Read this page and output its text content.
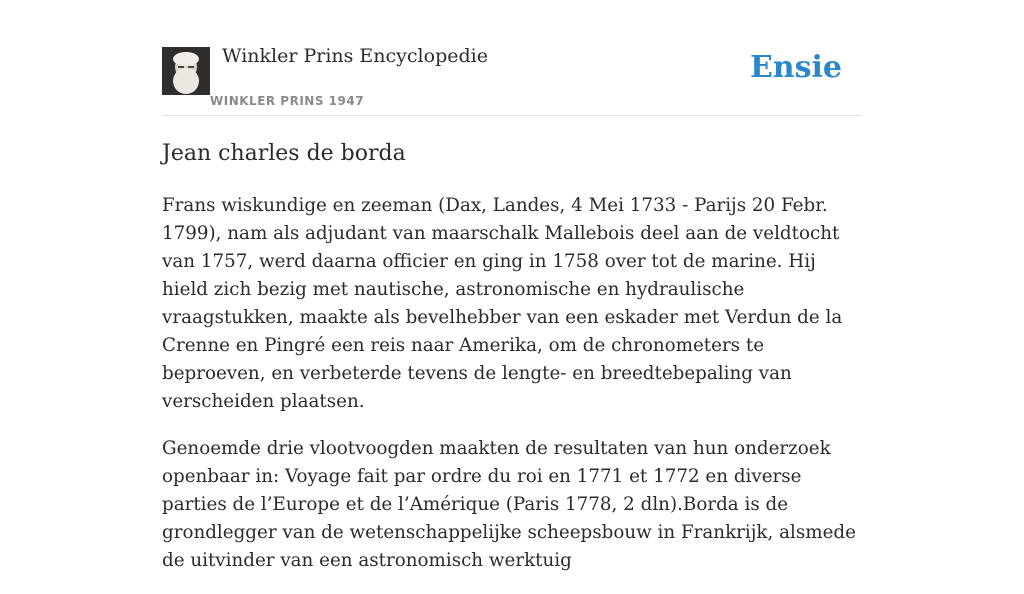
Winkler Prins Encyclopedie
WINKLER PRINS 1947
Ensie
Jean charles de borda

Frans wiskundige en zeeman (Dax, Landes, 4 Mei 1733 - Parijs 20 Febr. 1799), nam als adjudant van maarschalk Mallebois deel aan de veldtocht van 1757, werd daarna officier en ging in 1758 over tot de marine. Hij hield zich bezig met nautische, astronomische en hydraulische vraagstukken, maakte als bevelhebber van een eskader met Verdun de la Crenne en Pingré een reis naar Amerika, om de chronometers te beproeven, en verbeterde tevens de lengte- en breedtebepaling van verscheiden plaatsen.

Genoemde drie vlootvoogden maakten de resultaten van hun onderzoek openbaar in: Voyage fait par ordre du roi en 1771 et 1772 en diverse parties de l’Europe et de l’Amérique (Paris 1778, 2 dln).Borda is de grondlegger van de wetenschappelijke scheepsbouw in Frankrijk, alsmede de uitvinder van een astronomisch werktuig
